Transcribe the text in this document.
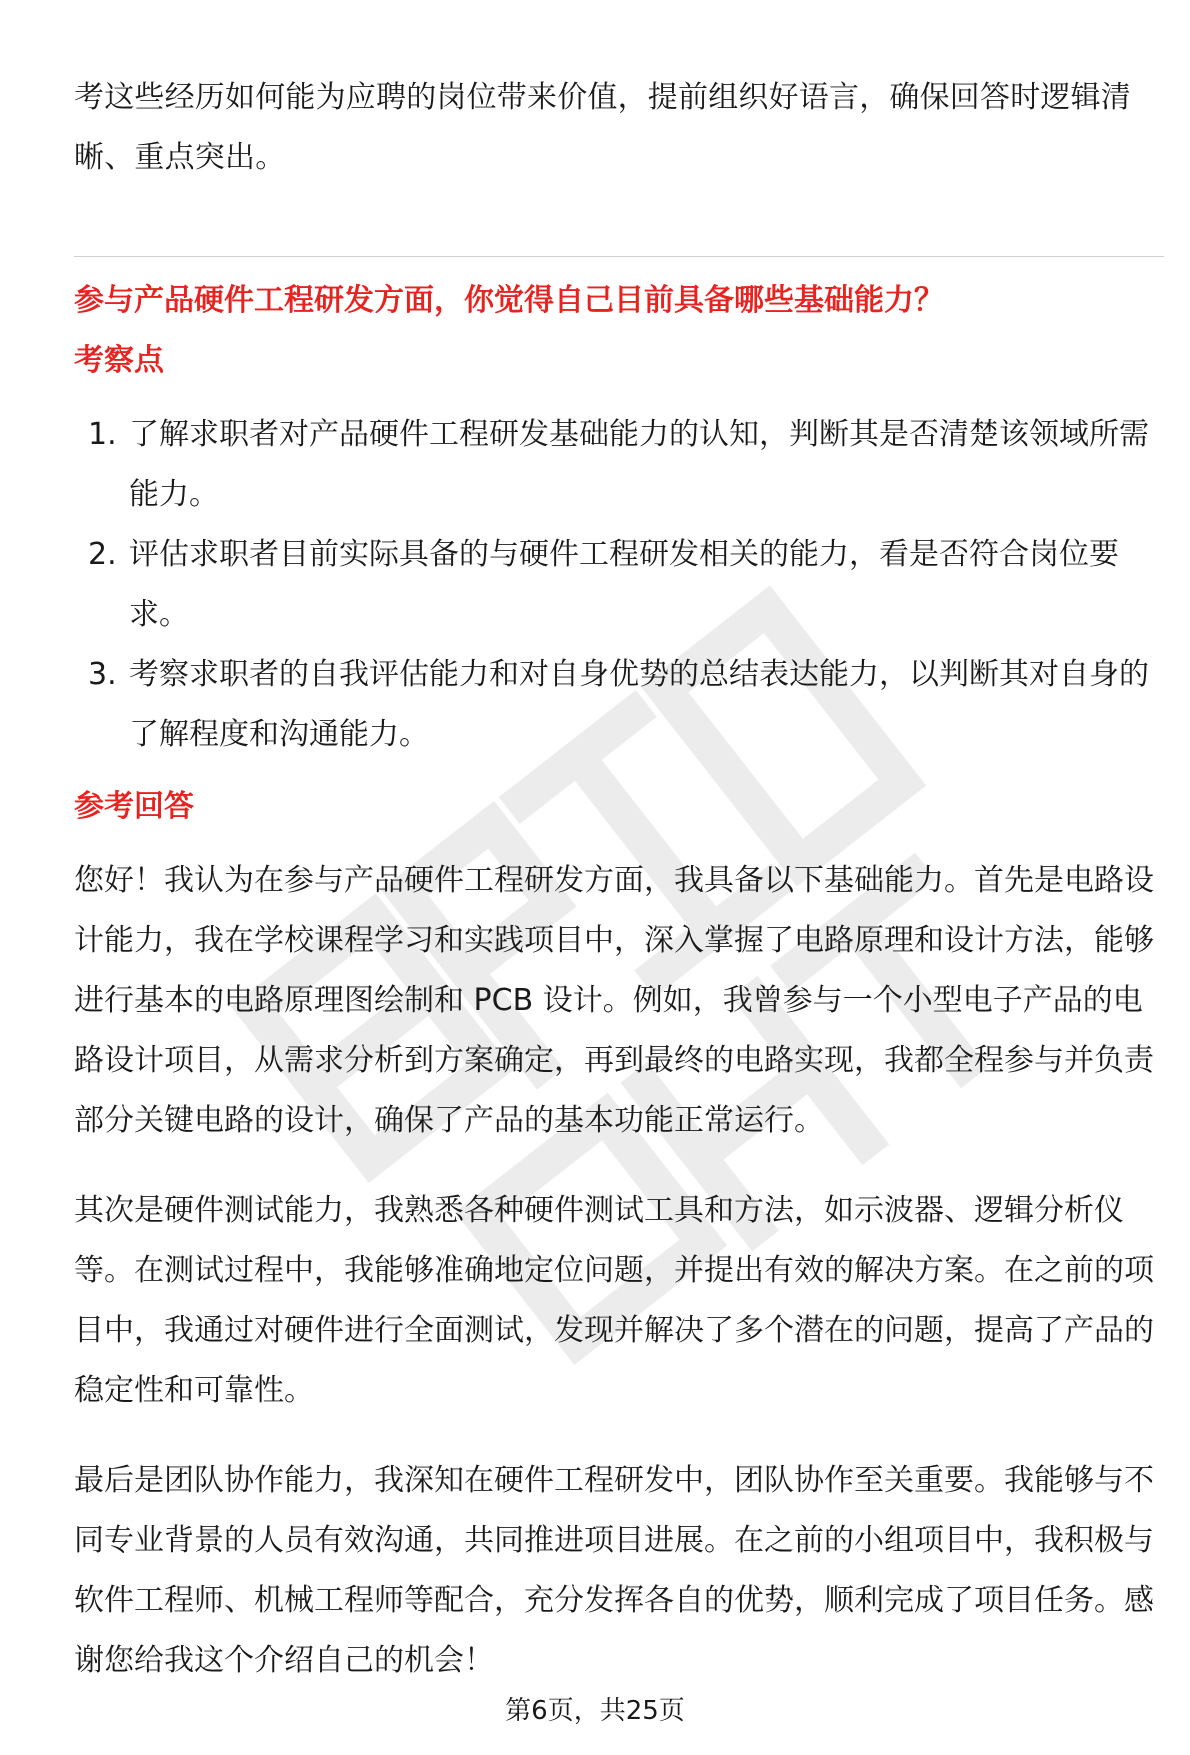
考这些经历如何能为应聘的岗位带来价值，提前组织好语言，确保回答时逻辑清晰、重点突出。

参与产品硬件工程研发方面，你觉得自己目前具备哪些基础能力？

考察点

1. 了解求职者对产品硬件工程研发基础能力的认知，判断其是否清楚该领域所需能力。
2. 评估求职者目前实际具备的与硬件工程研发相关的能力，看是否符合岗位要求。
3. 考察求职者的自我评估能力和对自身优势的总结表达能力，以判断其对自身的了解程度和沟通能力。

参考回答

您好！我认为在参与产品硬件工程研发方面，我具备以下基础能力。首先是电路设计能力，我在学校课程学习和实践项目中，深入掌握了电路原理和设计方法，能够进行基本的电路原理图绘制和 PCB 设计。例如，我曾参与一个小型电子产品的电路设计项目，从需求分析到方案确定，再到最终的电路实现，我都全程参与并负责部分关键电路的设计，确保了产品的基本功能正常运行。

其次是硬件测试能力，我熟悉各种硬件测试工具和方法，如示波器、逻辑分析仪等。在测试过程中，我能够准确地定位问题，并提出有效的解决方案。在之前的项目中，我通过对硬件进行全面测试，发现并解决了多个潜在的问题，提高了产品的稳定性和可靠性。

最后是团队协作能力，我深知在硬件工程研发中，团队协作至关重要。我能够与不同专业背景的人员有效沟通，共同推进项目进展。在之前的小组项目中，我积极与软件工程师、机械工程师等配合，充分发挥各自的优势，顺利完成了项目任务。感谢您给我这个介绍自己的机会！

第6页，共25页
